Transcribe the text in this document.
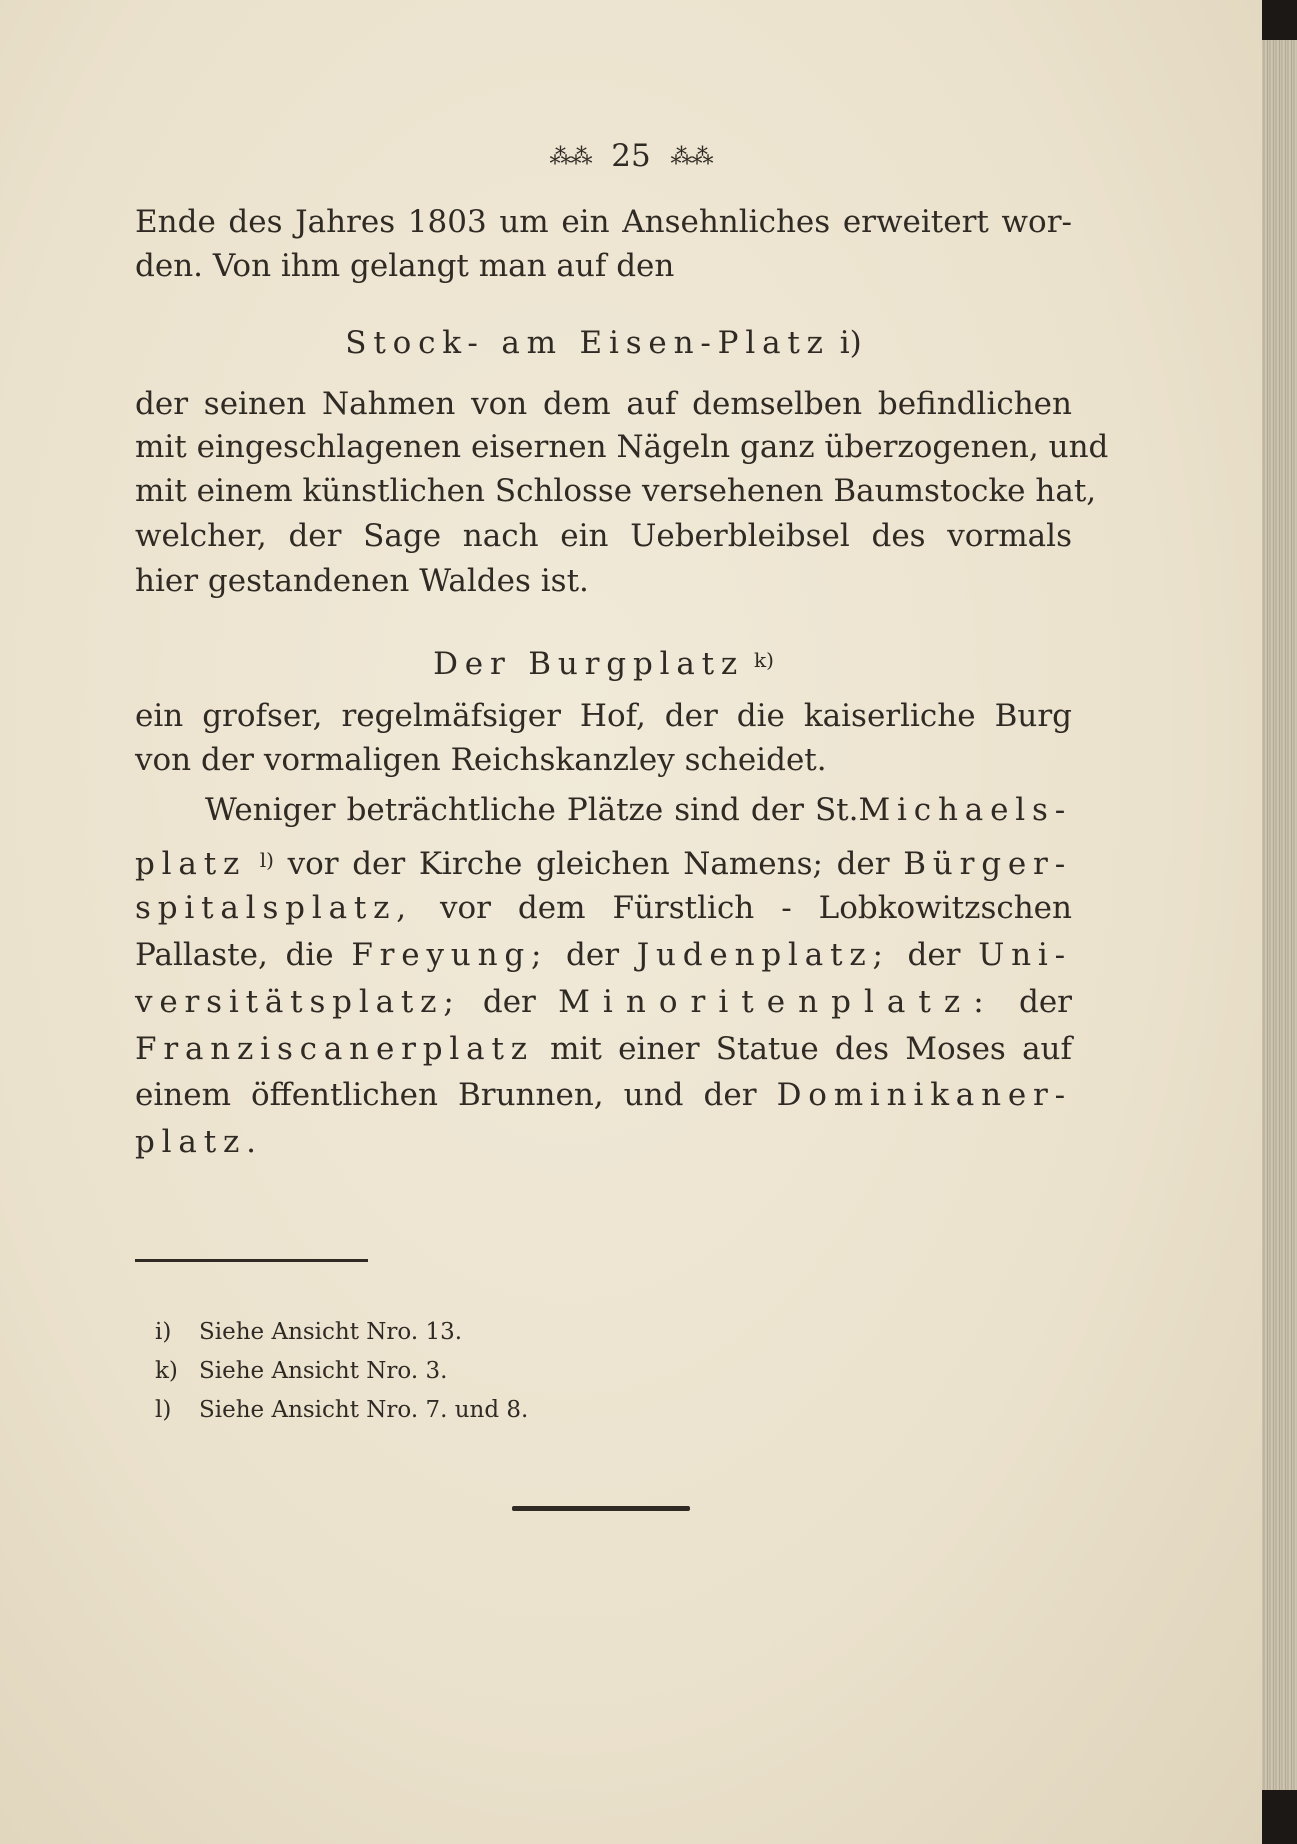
⁂⁂ 25 ⁂⁂
Ende des Jahres 1803 um ein Ansehnliches erweitert wor-
den. Von ihm gelangt man auf den
Stock- am Eisen-Platz i)
der seinen Nahmen von dem auf demselben befindlichen
mit eingeschlagenen eisernen Nägeln ganz überzogenen, und
mit einem künstlichen Schlosse versehenen Baumstocke hat,
welcher, der Sage nach ein Ueberbleibsel des vormals
hier gestandenen Waldes ist.
Der Burgplatz $^{k)}$
ein grofser, regelmäfsiger Hof, der die kaiserliche Burg
von der vormaligen Reichskanzley scheidet.
Weniger beträchtliche Plätze sind der St.Michaels-
platz $^{l)}$ vor der Kirche gleichen Namens; der Bürger-
spitalsplatz, vor dem Fürstlich - Lobkowitzschen
Pallaste, die Freyung; der Judenplatz; der Uni-
versitätsplatz; der Minoritenplatz: der
Franziscanerplatz mit einer Statue des Moses auf
einem öffentlichen Brunnen, und der Dominikaner-
platz.
i) Siehe Ansicht Nro. 13.
k) Siehe Ansicht Nro. 3.
l) Siehe Ansicht Nro. 7. und 8.
